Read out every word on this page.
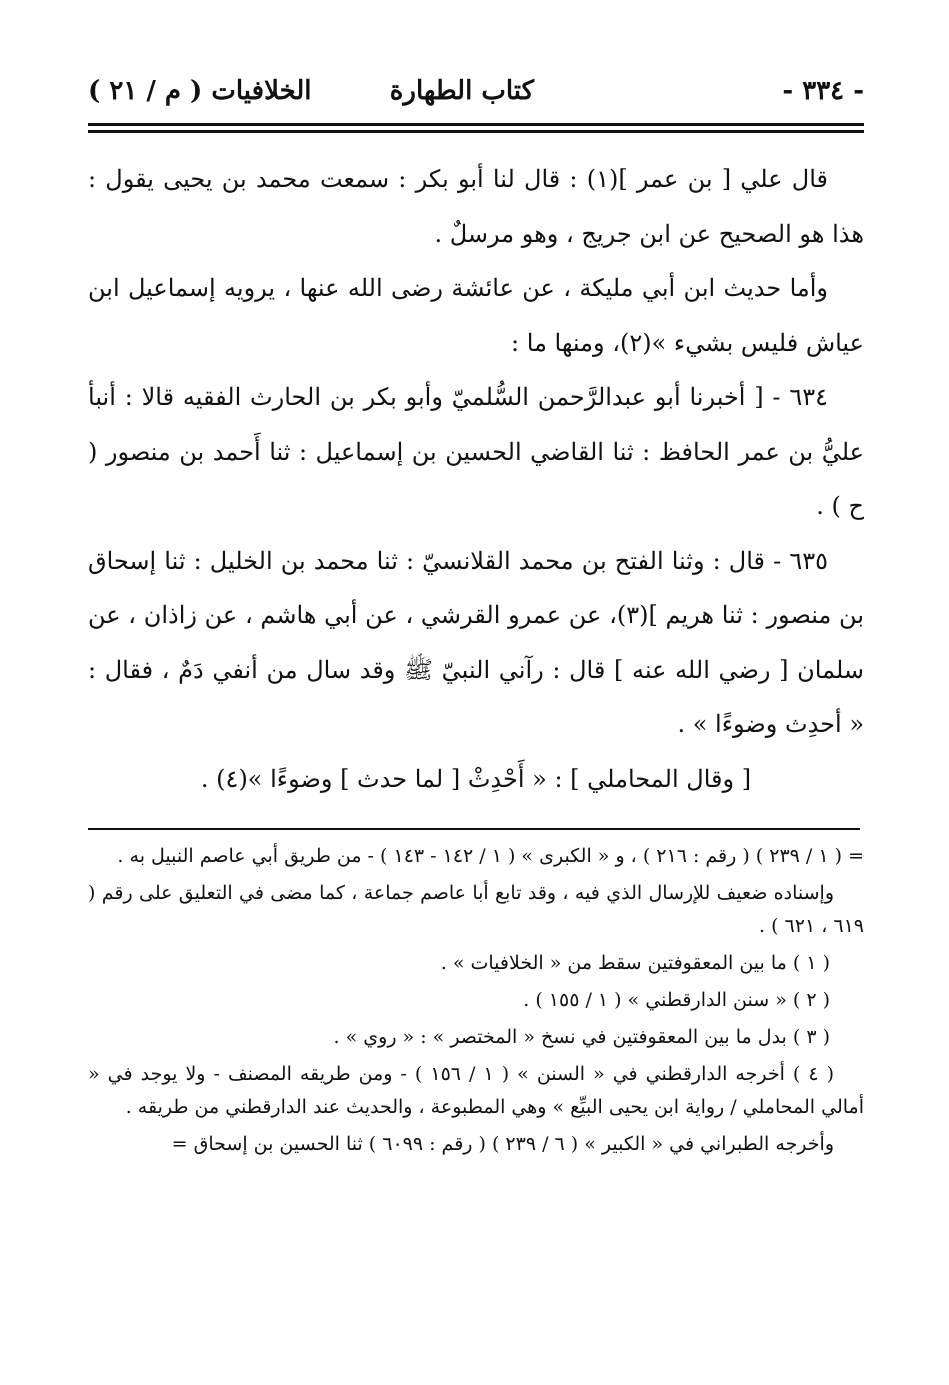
- ٣٣٤ -
كتاب الطهارة
الخلافيات ( م / ٢١ )

قال علي [ بن عمر ](١) : قال لنا أبو بكر : سمعت محمد بن يحيى يقول : هذا هو الصحيح عن ابن جريج ، وهو مرسلٌ .

وأما حديث ابن أبي مليكة ، عن عائشة رضى الله عنها ، يرويه إسماعيل ابن عياش فليس بشيء »(٢)، ومنها ما :

٦٣٤ - [ أخبرنا أبو عبدالرَّحمن السُّلميّ وأبو بكر بن الحارث الفقيه قالا : أنبأ عليُّ بن عمر الحافظ : ثنا القاضي الحسين بن إسماعيل : ثنا أَحمد بن منصور ( ح ) .

٦٣٥ - قال : وثنا الفتح بن محمد القلانسيّ : ثنا محمد بن الخليل : ثنا إسحاق بن منصور : ثنا هريم ](٣)، عن عمرو القرشي ، عن أبي هاشم ، عن زاذان ، عن سلمان [ رضي الله عنه ] قال : رآني النبيّ ﷺ وقد سال من أنفي دَمٌ ، فقال : « أحدِث وضوءًا » .

[ وقال المحاملي ] : « أَحْدِثْ [ لما حدث ] وضوءًا »(٤) .

= ( ١ / ٢٣٩ ) ( رقم : ٢١٦ ) ، و « الكبرى » ( ١ / ١٤٢ - ١٤٣ ) - من طريق أبي عاصم النبيل به .

وإسناده ضعيف للإرسال الذي فيه ، وقد تابع أبا عاصم جماعة ، كما مضى في التعليق على رقم ( ٦١٩ ، ٦٢١ ) .

( ١ ) ما بين المعقوفتين سقط من « الخلافيات » .

( ٢ ) « سنن الدارقطني » ( ١ / ١٥٥ ) .

( ٣ ) بدل ما بين المعقوفتين في نسخ « المختصر » : « روي » .

( ٤ ) أخرجه الدارقطني في « السنن » ( ١ / ١٥٦ ) - ومن طريقه المصنف - ولا يوجد في « أمالي المحاملي / رواية ابن يحيى البيِّع » وهي المطبوعة ، والحديث عند الدارقطني من طريقه .

وأخرجه الطبراني في « الكبير » ( ٦ / ٢٣٩ ) ( رقم : ٦٠٩٩ ) ثنا الحسين بن إسحاق =
